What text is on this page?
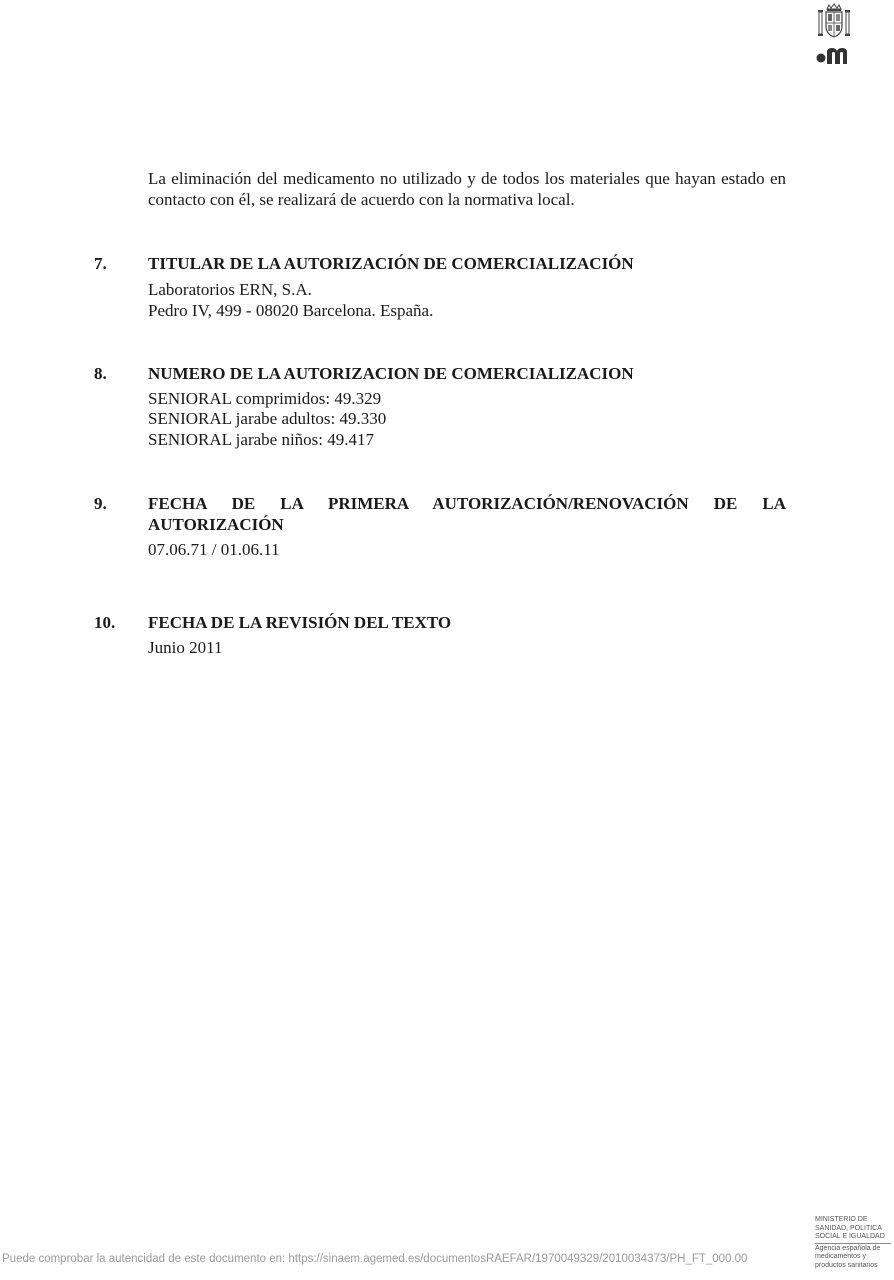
La eliminación del medicamento no utilizado y de todos los materiales que hayan estado en contacto con él, se realizará de acuerdo con la normativa local.

7. TITULAR DE LA AUTORIZACIÓN DE COMERCIALIZACIÓN

Laboratorios ERN, S.A.

Pedro IV, 499 - 08020 Barcelona. España.

8. NUMERO DE LA AUTORIZACION DE COMERCIALIZACION

SENIORAL comprimidos: 49.329

SENIORAL jarabe adultos: 49.330

SENIORAL jarabe niños: 49.417

9. FECHA DE LA PRIMERA AUTORIZACIÓN/RENOVACIÓN DE LA
AUTORIZACIÓN

07.06.71 / 01.06.11

10. FECHA DE LA REVISIÓN DEL TEXTO

Junio 2011

MINISTERIO DE
SANIDAD, POLITICA
SOCIAL E IGUALDAD
Agencia española de
medicamentos y
productos sanitarios
Puede comprobar la autencidad de este documento en: https://sinaem.agemed.es/documentosRAEFAR/1970049329/2010034373/PH_FT_000.00
